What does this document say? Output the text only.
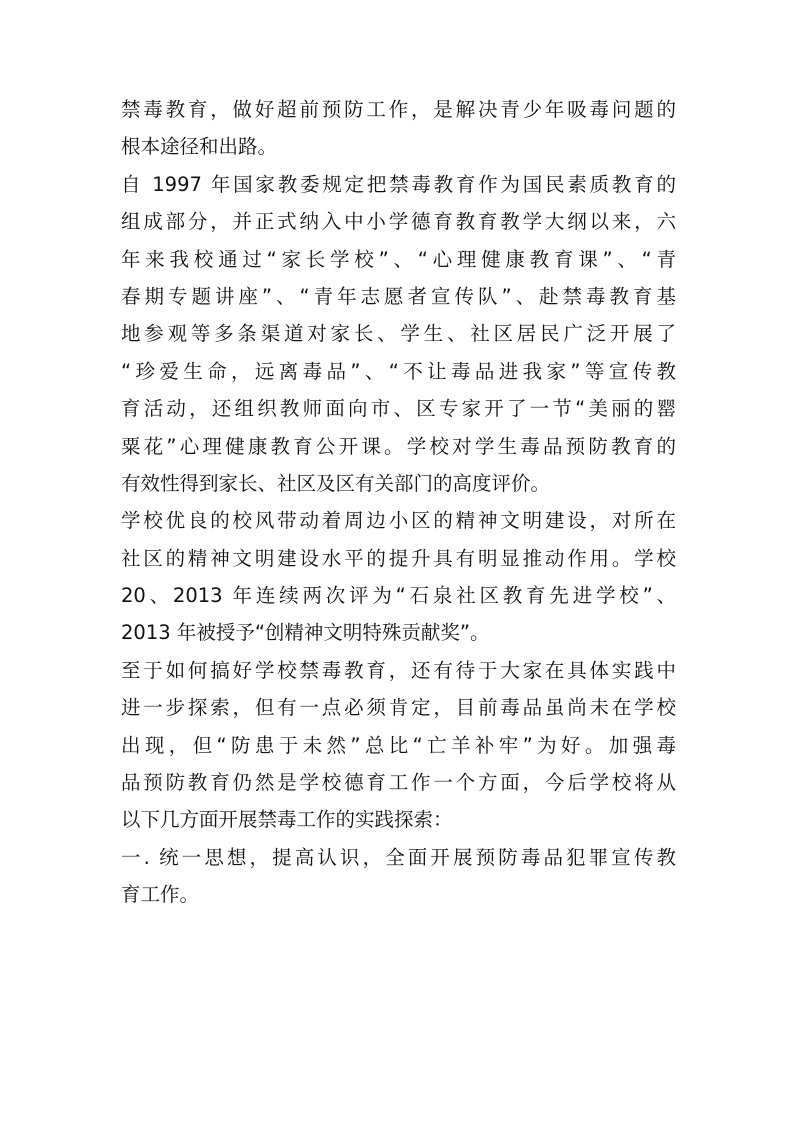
禁毒教育，做好超前预防工作，是解决青少年吸毒问题的
根本途径和出路。
自 1997 年国家教委规定把禁毒教育作为国民素质教育的
组成部分，并正式纳入中小学德育教育教学大纲以来，六
年来我校通过“家长学校”、“心理健康教育课”、“青
春期专题讲座”、“青年志愿者宣传队”、赴禁毒教育基
地参观等多条渠道对家长、学生、社区居民广泛开展了
“珍爱生命，远离毒品”、“不让毒品进我家”等宣传教
育活动，还组织教师面向市、区专家开了一节“美丽的罂
粟花”心理健康教育公开课。学校对学生毒品预防教育的
有效性得到家长、社区及区有关部门的高度评价。
学校优良的校风带动着周边小区的精神文明建设，对所在
社区的精神文明建设水平的提升具有明显推动作用。学校
20、2013 年连续两次评为“石泉社区教育先进学校”、
2013 年被授予“创精神文明特殊贡献奖”。
至于如何搞好学校禁毒教育，还有待于大家在具体实践中
进一步探索，但有一点必须肯定，目前毒品虽尚未在学校
出现，但“防患于未然”总比“亡羊补牢”为好。加强毒
品预防教育仍然是学校德育工作一个方面，今后学校将从
以下几方面开展禁毒工作的实践探索：
一. 统一思想，提高认识，全面开展预防毒品犯罪宣传教
育工作。
